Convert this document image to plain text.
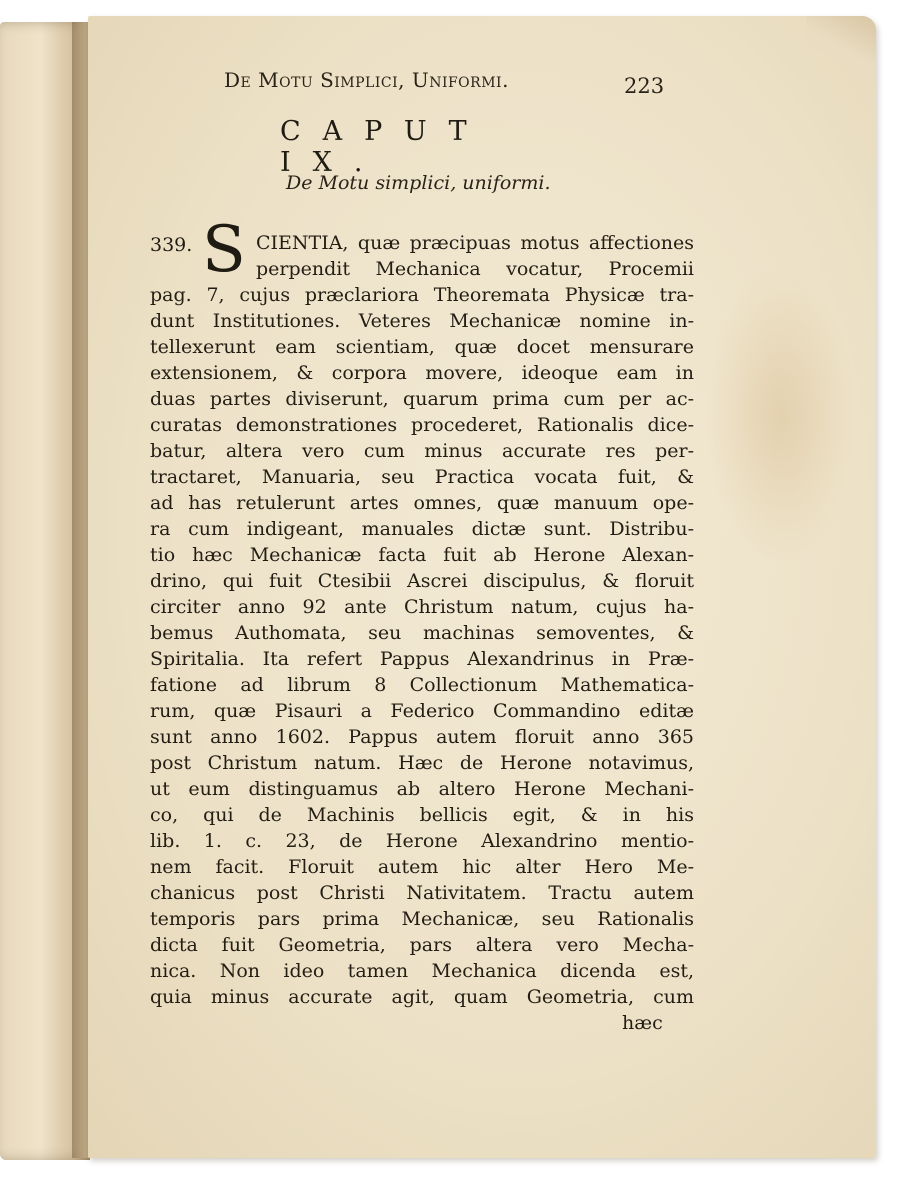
De Motu Simplici, Uniformi.	223
CAPUT IX.
De Motu simplici, uniformi.
339. S CIENTIA, quæ præcipuas motus affectiones
perpendit Mechanica vocatur, Procemii
pag. 7, cujus præclariora Theoremata Physicæ tra-
dunt Institutiones. Veteres Mechanicæ nomine in-
tellexerunt eam scientiam, quæ docet mensurare
extensionem, & corpora movere, ideoque eam in
duas partes diviserunt, quarum prima cum per ac-
curatas demonstrationes procederet, Rationalis dice-
batur, altera vero cum minus accurate res per-
tractaret, Manuaria, seu Practica vocata fuit, &
ad has retulerunt artes omnes, quæ manuum ope-
ra cum indigeant, manuales dictæ sunt. Distribu-
tio hæc Mechanicæ facta fuit ab Herone Alexan-
drino, qui fuit Ctesibii Ascrei discipulus, & floruit
circiter anno 92 ante Christum natum, cujus ha-
bemus Authomata, seu machinas semoventes, &
Spiritalia. Ita refert Pappus Alexandrinus in Præ-
fatione ad librum 8 Collectionum Mathematica-
rum, quæ Pisauri a Federico Commandino editæ
sunt anno 1602. Pappus autem floruit anno 365
post Christum natum. Hæc de Herone notavimus,
ut eum distinguamus ab altero Herone Mechani-
co, qui de Machinis bellicis egit, & in his
lib. 1. c. 23, de Herone Alexandrino mentio-
nem facit. Floruit autem hic alter Hero Me-
chanicus post Christi Nativitatem. Tractu autem
temporis pars prima Mechanicæ, seu Rationalis
dicta fuit Geometria, pars altera vero Mecha-
nica. Non ideo tamen Mechanica dicenda est,
quia minus accurate agit, quam Geometria, cum
hæc
